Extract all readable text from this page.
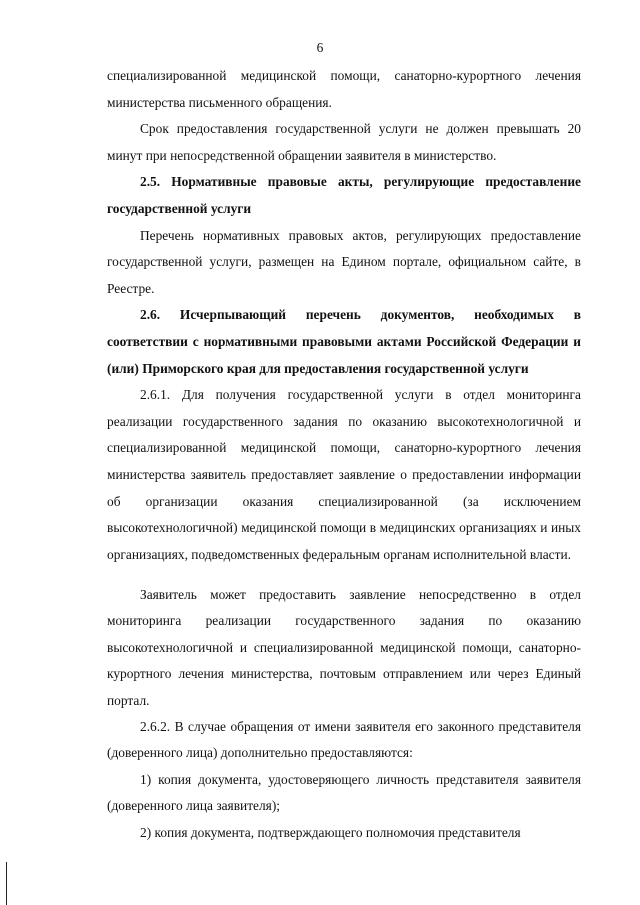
6

специализированной медицинской помощи, санаторно-курортного лечения министерства письменного обращения.

Срок предоставления государственной услуги не должен превышать 20 минут при непосредственной обращении заявителя в министерство.

2.5. Нормативные правовые акты, регулирующие предоставление государственной услуги

Перечень нормативных правовых актов, регулирующих предоставление государственной услуги, размещен на Едином портале, официальном сайте, в Реестре.

2.6. Исчерпывающий перечень документов, необходимых в соответствии с нормативными правовыми актами Российской Федерации и (или) Приморского края для предоставления государственной услуги

2.6.1. Для получения государственной услуги в отдел мониторинга реализации государственного задания по оказанию высокотехнологичной и специализированной медицинской помощи, санаторно-курортного лечения министерства заявитель предоставляет заявление о предоставлении информации об организации оказания специализированной (за исключением высокотехнологичной) медицинской помощи в медицинских организациях и иных организациях, подведомственных федеральным органам исполнительной власти.

Заявитель может предоставить заявление непосредственно в отдел мониторинга реализации государственного задания по оказанию высокотехнологичной и специализированной медицинской помощи, санаторно-курортного лечения министерства, почтовым отправлением или через Единый портал.

2.6.2. В случае обращения от имени заявителя его законного представителя (доверенного лица) дополнительно предоставляются:

1) копия документа, удостоверяющего личность представителя заявителя (доверенного лица заявителя);

2) копия документа, подтверждающего полномочия представителя
